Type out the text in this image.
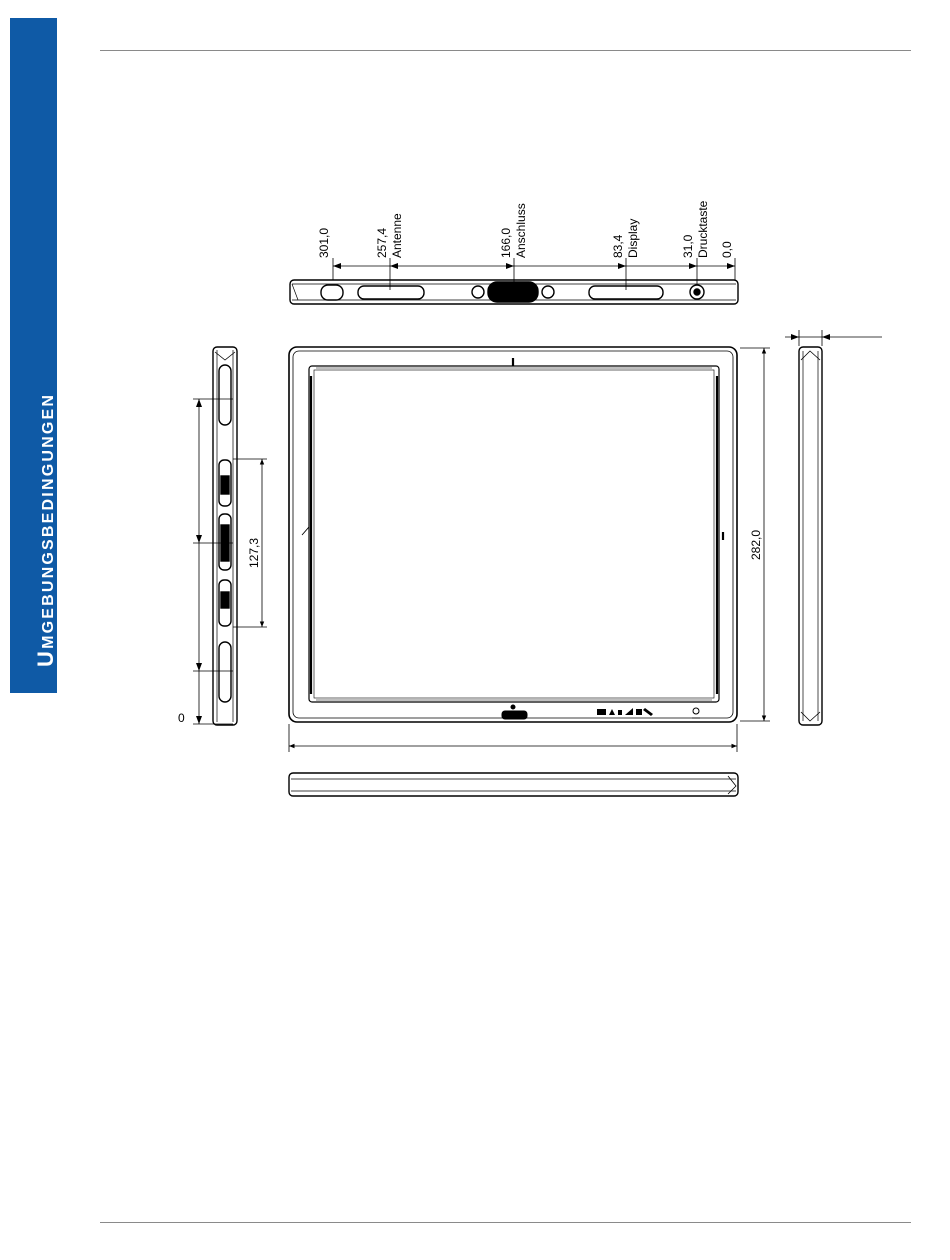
UMGEBUNGSBEDINGUNGEN
301,0	257,4 Antenne	166,0 Anschluss	83,4 Display	31,0 Drucktaste 0,0
282,0
127,3
0
